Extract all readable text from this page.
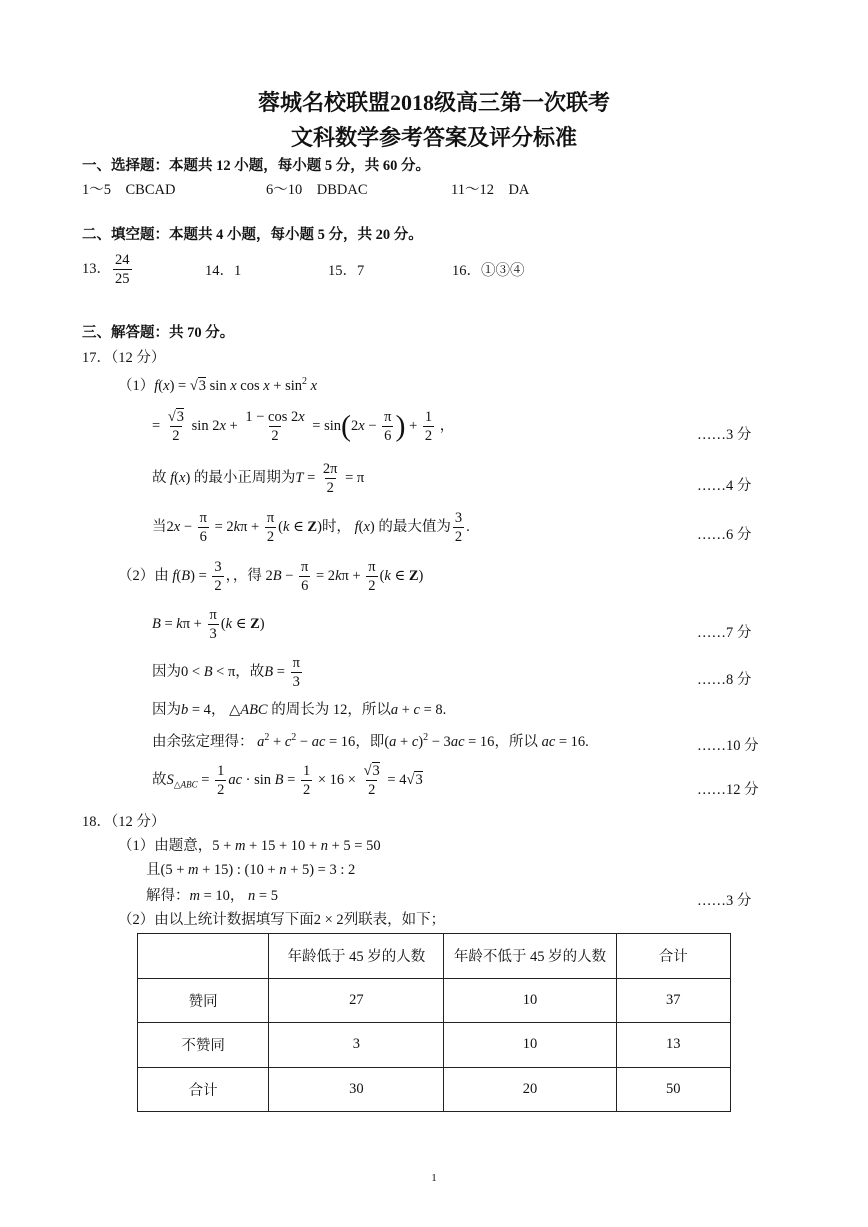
蓉城名校联盟2018级高三第一次联考
文科数学参考答案及评分标准
一、选择题：本题共 12 小题，每小题 5 分，共 60 分。
1～5　CBCAD	6～10　DBDAC	11～12　DA
二、填空题：本题共 4 小题，每小题 5 分，共 20 分。
13． $\frac{24}{25}$	14．1	15．7	16．①③④
三、解答题：共 70 分。
17．（12 分）
（1）f(x) = √3 sin x $\cos x + \sin^2 x$
= $\frac{√3}{2}$ $\sin 2x + \frac{1 - \cos 2x}{2} = \sin(2x - \frac{\pi}{6}$ ) + $\frac{1}{2}$ ，
……3 分
故 f(x) 的最小正周期为$T = \frac{2\pi}{2} = \pi$
……4 分
当$2x - \frac{\pi}{6} = 2k\pi + \frac{\pi}{2} (k$ ∈ Z)时， f(x) 的最大值为 $\frac{3}{2}$ .
……6 分
（2）由 $f(B) = \frac{3}{2}$ ，，得 $2B - \frac{\pi}{6} = 2k\pi + \frac{\pi}{2} (k$ ∈ Z)
$B = k\pi + \frac{\pi}{3} (k$ ∈ Z)
……7 分
因为0 < B < π，故$B = \frac{\pi}{3}$	……8 分
因为b = 4， △ABC 的周长为 12，所以a + c = 8.
由余弦定理得： $a^2 + c^2$ − ac = 16，即$(a + c)^2 - 3ac = 16$，所以 ac = 16.	……10 分
故$S_{\triangle ABC} = \frac{1}{2}$ ac · $\sin B = \frac{1}{2} \times 16 \times \frac{√3}{2} = 4√3$
……12 分
18．（12 分）
（1）由题意，5 + m + 15 + 10 + n + 5 = 50
且(5 + m + 15) : (10 + n + 5) = 3 : 2
解得：m = 10， n = 5	……3 分
（2）由以上统计数据填写下面2 × 2列联表，如下；
	年龄低于 45 岁的人数	年龄不低于 45 岁的人数	合计
赞同	27	10	37
不赞同	3	10	13
合计	30	20	50
1
